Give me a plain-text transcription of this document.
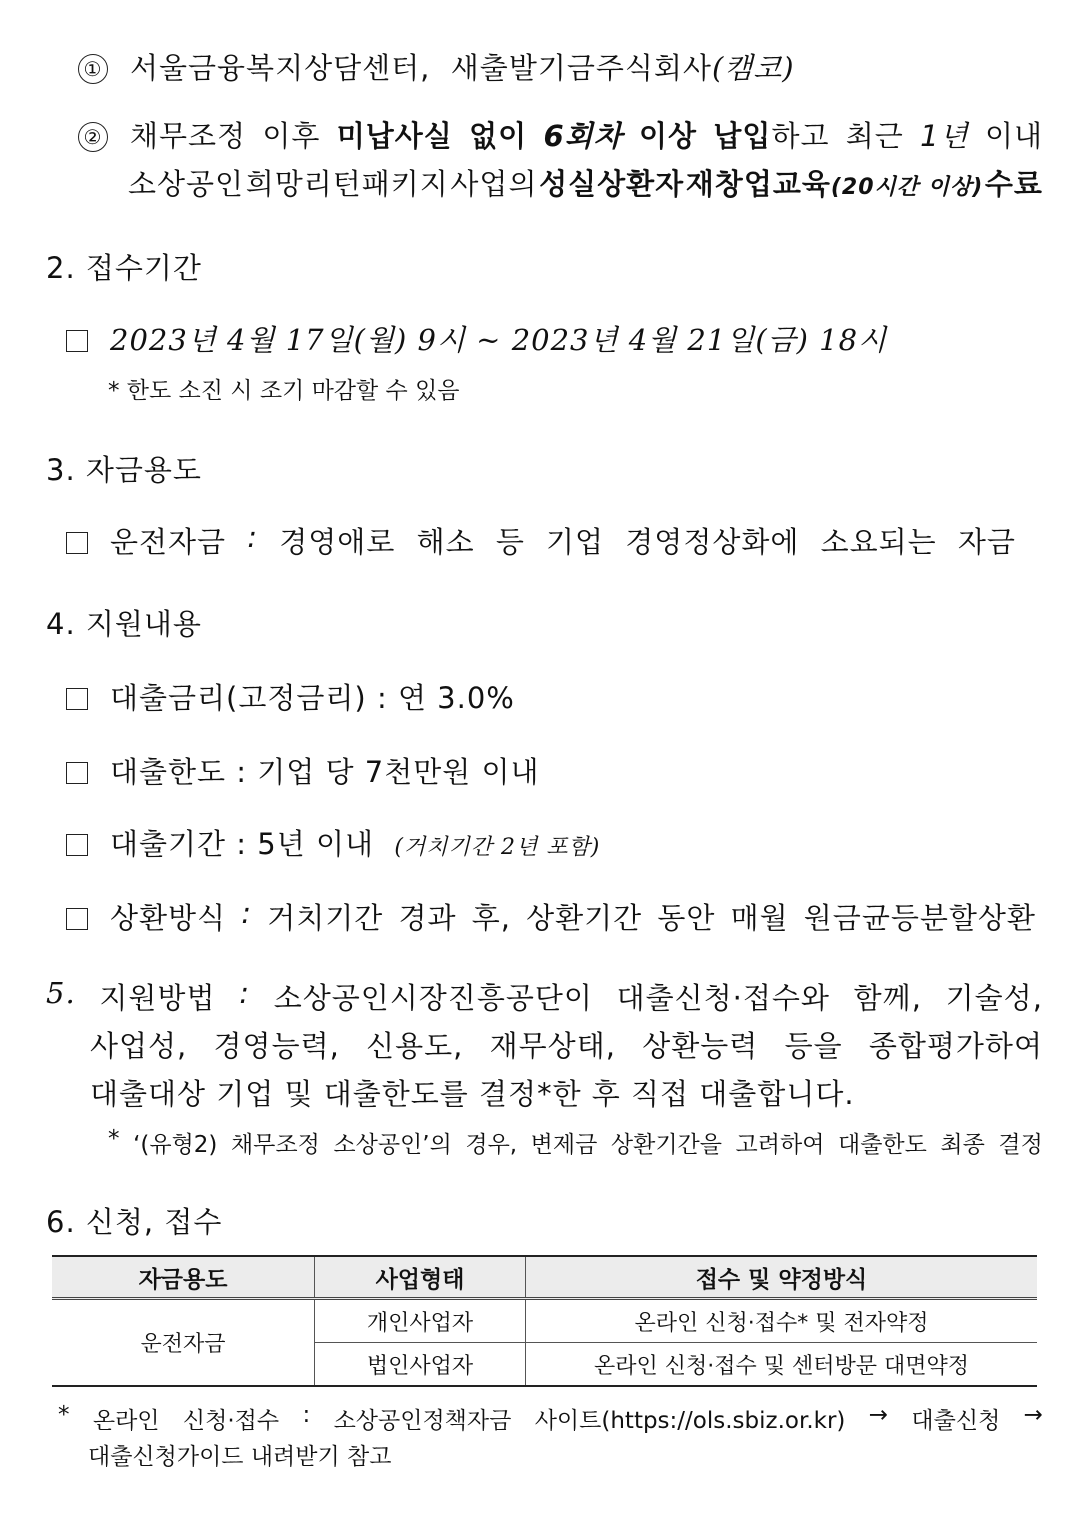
① 서울금융복지상담센터, 새출발기금주식회사(캠코)
② 채무조정 이후 미납사실 없이 6회차 이상 납입하고 최근 1년 이내
소상공인 희망리턴패키지 사업의 성실상환자 재창업교육(20시간 이상) 수료
2. 접수기간
2023년 4월 17일(월) 9시 ~ 2023년 4월 21일(금) 18시
* 한도 소진 시 조기 마감할 수 있음
3. 자금용도
운전자금 : 경영애로 해소 등 기업 경영정상화에 소요되는 자금
4. 지원내용
대출금리(고정금리) : 연 3.0%
대출한도 : 기업 당 7천만원 이내
대출기간 : 5년 이내 (거치기간 2년 포함)
상환방식 : 거치기간 경과 후, 상환기간 동안 매월 원금균등분할상환
5. 지원방법 : 소상공인시장진흥공단이 대출신청·접수와 함께, 기술성,
사업성, 경영능력, 신용도, 재무상태, 상환능력 등을 종합평가하여
대출대상 기업 및 대출한도를 결정*한 후 직접 대출합니다.
* ‘(유형2) 채무조정 소상공인’의 경우, 변제금 상환기간을 고려하여 대출한도 최종 결정
6. 신청, 접수
자금용도	사업형태	접수 및 약정방식
운전자금	개인사업자	온라인 신청·접수* 및 전자약정
	법인사업자	온라인 신청·접수 및 센터방문 대면약정
* 온라인 신청·접수 : 소상공인정책자금 사이트(https://ols.sbiz.or.kr) → 대출신청 →
대출신청가이드 내려받기 참고
